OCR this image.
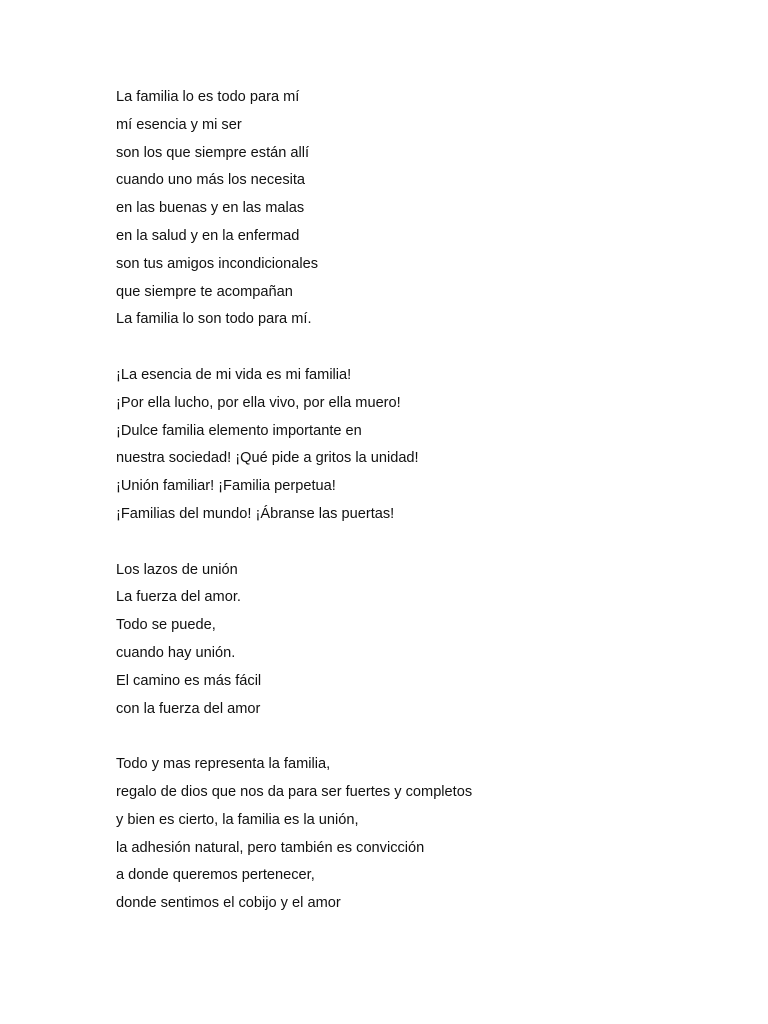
La familia lo es todo para mí
mí esencia y mi ser
son los que siempre están allí
cuando uno más los necesita
en las buenas y en las malas
en la salud y en la enfermad
son tus amigos incondicionales
que siempre te acompañan
La familia lo son todo para mí.
¡La esencia de mi vida es mi familia!
¡Por ella lucho, por ella vivo, por ella muero!
¡Dulce familia elemento importante en
nuestra sociedad! ¡Qué pide a gritos la unidad!
¡Unión familiar! ¡Familia perpetua!
¡Familias del mundo! ¡Ábranse las puertas!
Los lazos de unión
La fuerza del amor.
Todo se puede,
cuando hay unión.
El camino es más fácil
con la fuerza del amor
Todo y mas representa la familia,
regalo de dios que nos da para ser fuertes y completos
y bien es cierto, la familia es la unión,
la adhesión natural, pero también es convicción
a donde queremos pertenecer,
donde sentimos el cobijo y el amor
